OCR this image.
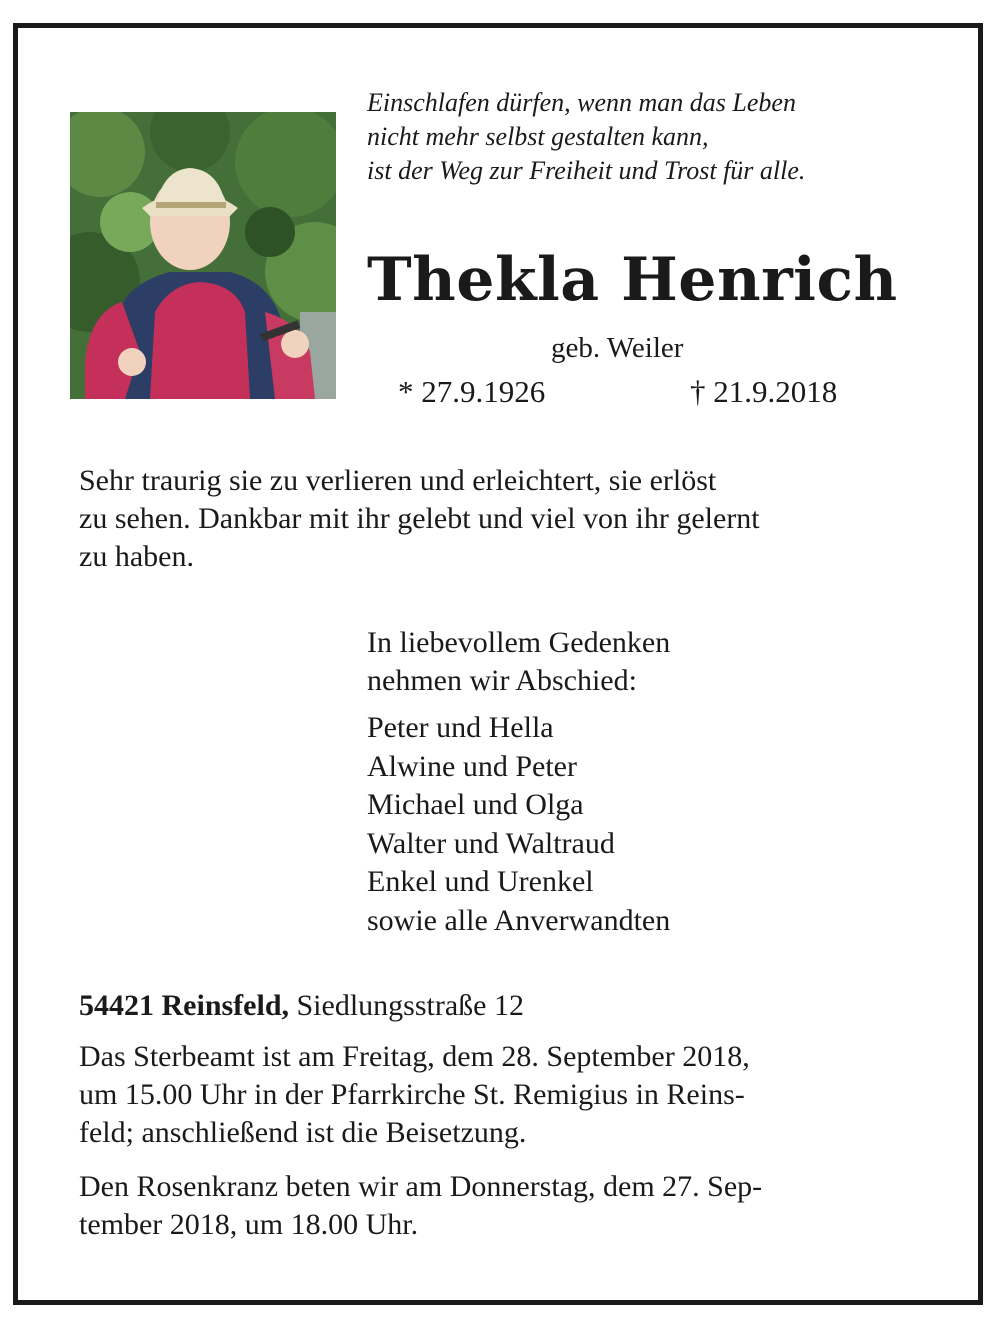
Einschlafen dürfen, wenn man das Leben
nicht mehr selbst gestalten kann,
ist der Weg zur Freiheit und Trost für alle.
Thekla Henrich
geb. Weiler
* 27.9.1926	† 21.9.2018
Sehr traurig sie zu verlieren und erleichtert, sie erlöst
zu sehen. Dankbar mit ihr gelebt und viel von ihr gelernt
zu haben.
In liebevollem Gedenken
nehmen wir Abschied:
Peter und Hella
Alwine und Peter
Michael und Olga
Walter und Waltraud
Enkel und Urenkel
sowie alle Anverwandten
54421 Reinsfeld, Siedlungsstraße 12
Das Sterbeamt ist am Freitag, dem 28. September 2018,
um 15.00 Uhr in der Pfarrkirche St. Remigius in Reins-
feld; anschließend ist die Beisetzung.
Den Rosenkranz beten wir am Donnerstag, dem 27. Sep-
tember 2018, um 18.00 Uhr.
